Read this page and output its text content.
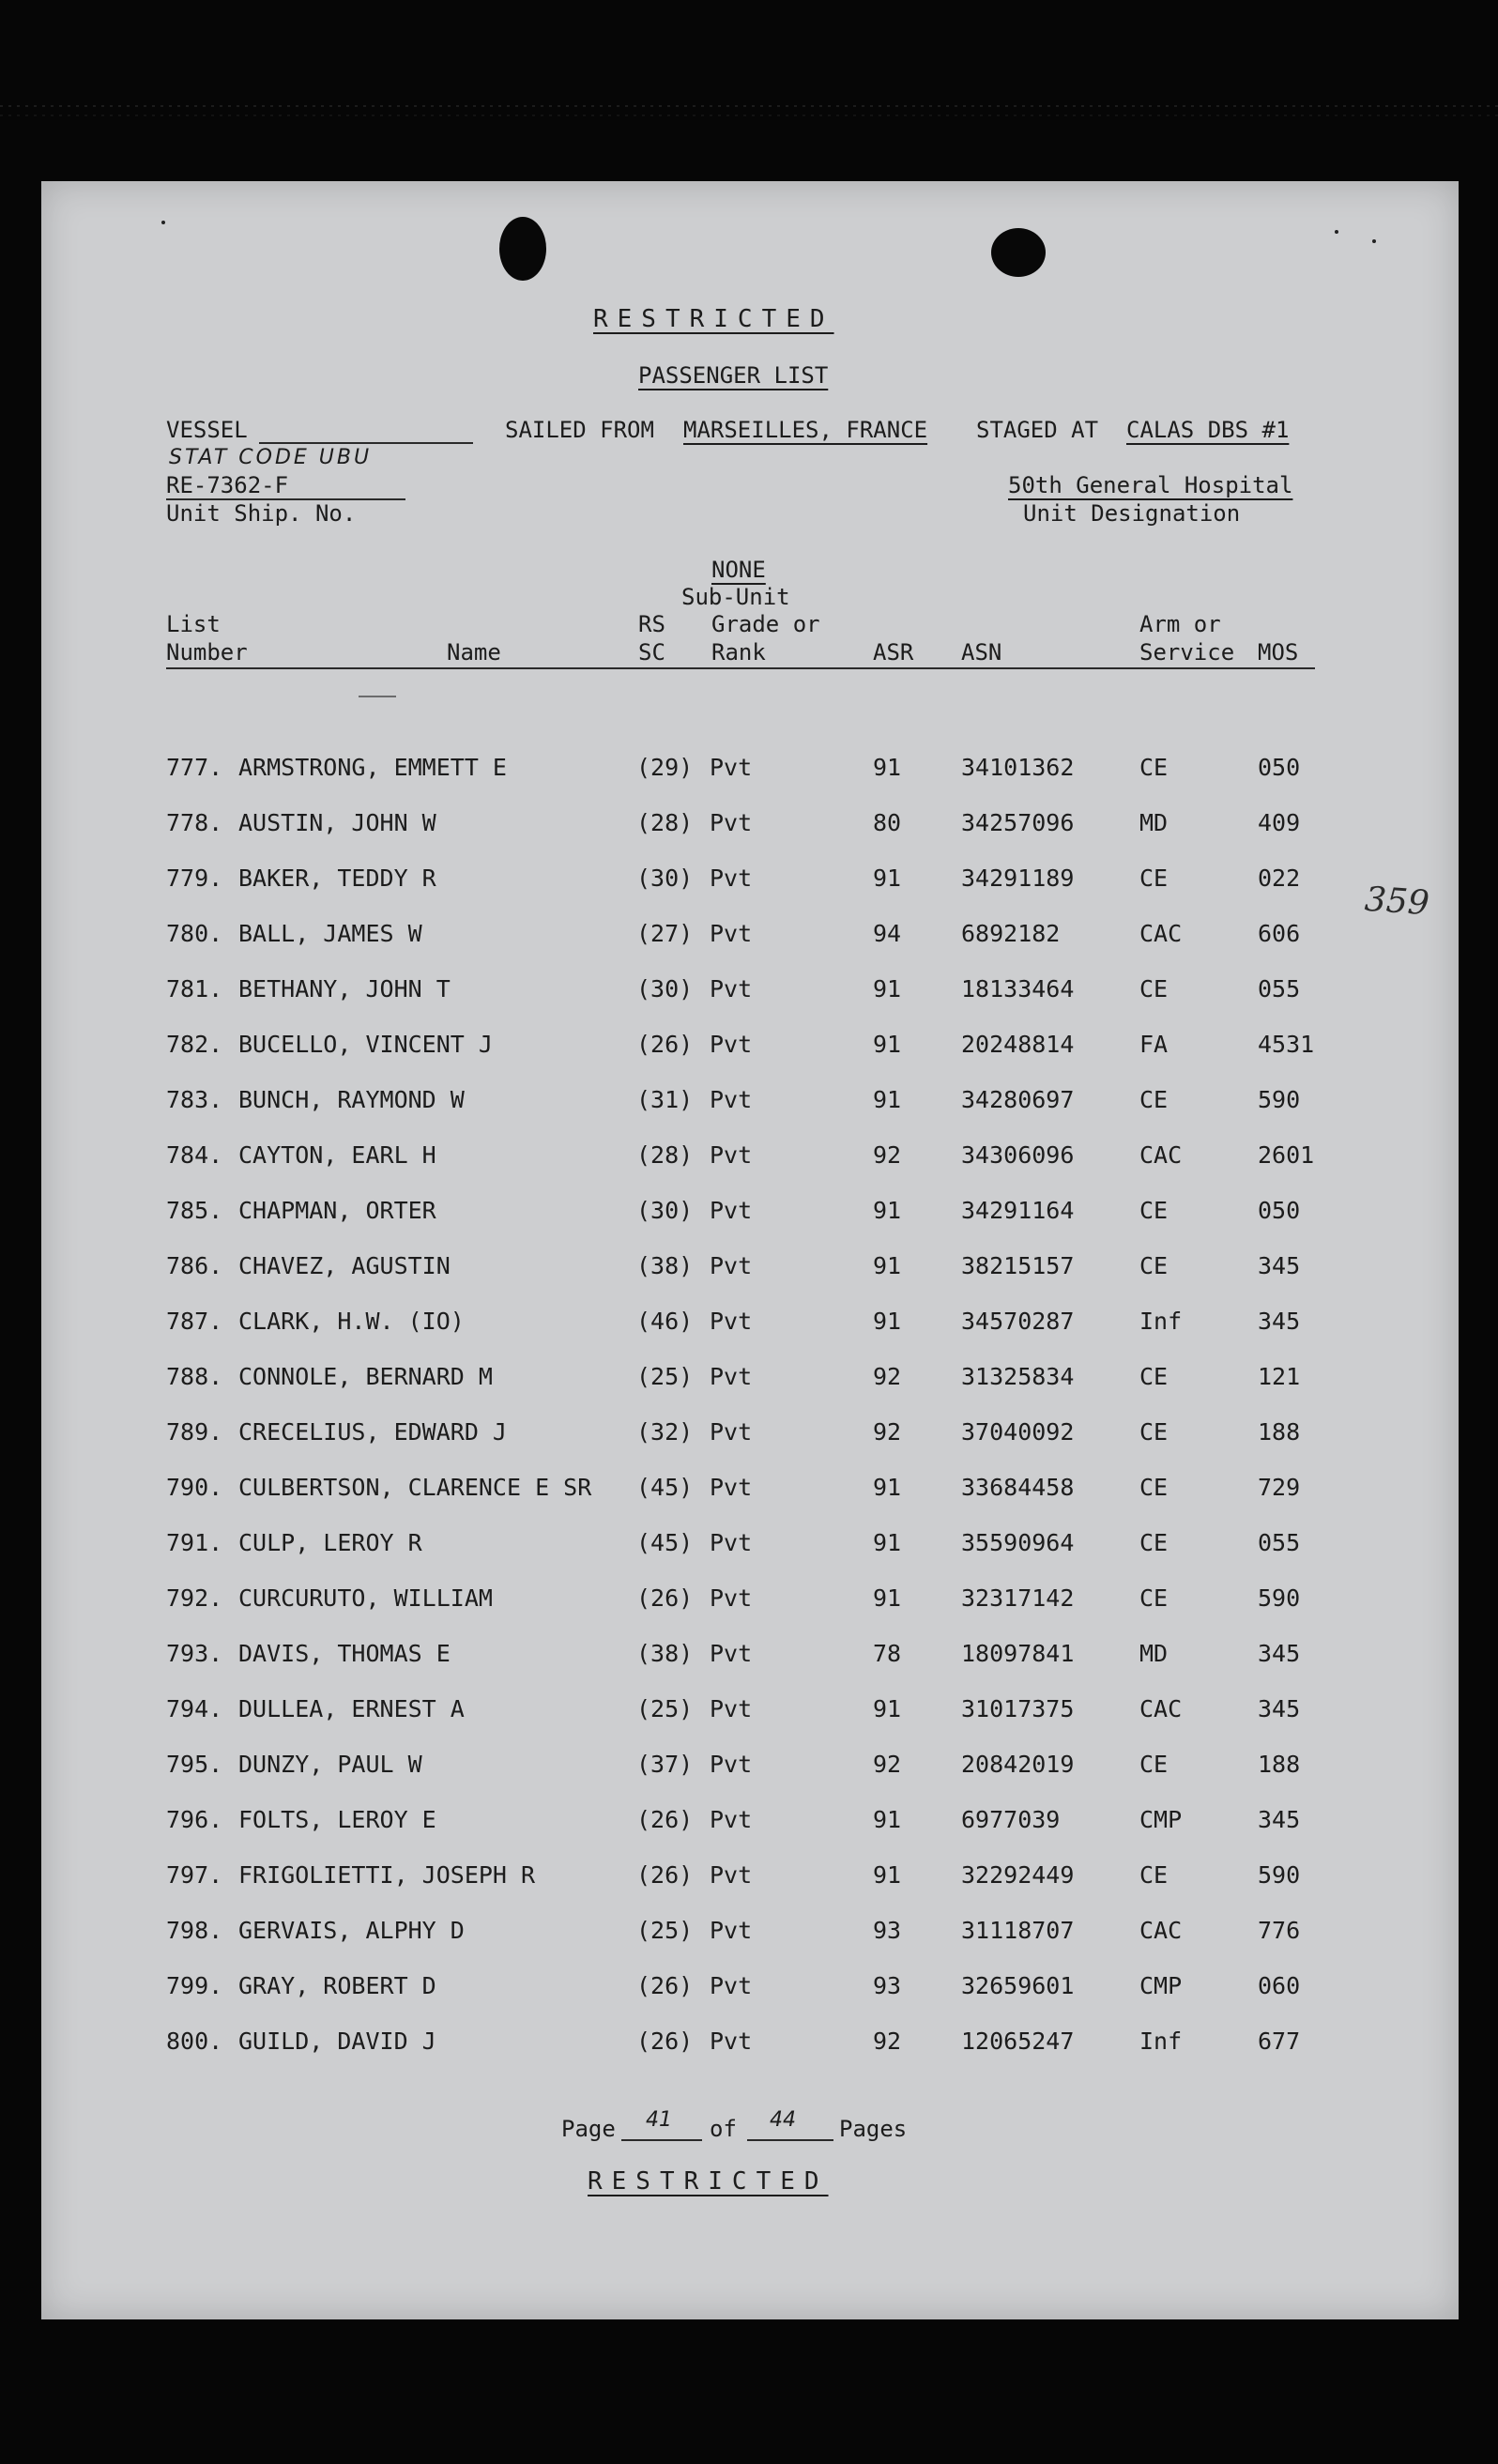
RESTRICTED
PASSENGER LIST
VESSEL	SAILED FROM MARSEILLES, FRANCE STAGED AT CALAS DBS #1
STAT CODE UBU
RE-7362-F
Unit Ship. No.
50th General Hospital
Unit Designation
NONE
Sub-Unit
List
Number	Name
RS
SC
Grade or
Rank	ASR ASN
Arm or
Service MOS
777. ARMSTRONG, EMMETT E	(29) Pvt	91	34101362	CE	050
778. AUSTIN, JOHN W	(28) Pvt	80	34257096	MD	409
779. BAKER, TEDDY R	(30) Pvt	91	34291189	CE	022
780. BALL, JAMES W	(27) Pvt	94	6892182	CAC	606
781. BETHANY, JOHN T	(30) Pvt	91	18133464	CE	055
782. BUCELLO, VINCENT J	(26) Pvt	91	20248814	FA	4531
783. BUNCH, RAYMOND W	(31) Pvt	91	34280697	CE	590
784. CAYTON, EARL H	(28) Pvt	92	34306096	CAC	2601
785. CHAPMAN, ORTER	(30) Pvt	91	34291164	CE	050
786. CHAVEZ, AGUSTIN	(38) Pvt	91	38215157	CE	345
787. CLARK, H.W. (IO)	(46) Pvt	91	34570287	Inf	345
788. CONNOLE, BERNARD M	(25) Pvt	92	31325834	CE	121
789. CRECELIUS, EDWARD J	(32) Pvt	92	37040092	CE	188
790. CULBERTSON, CLARENCE E SR (45) Pvt	91	33684458	CE	729
791. CULP, LEROY R	(45) Pvt	91	35590964	CE	055
792. CURCURUTO, WILLIAM	(26) Pvt	91	32317142	CE	590
793. DAVIS, THOMAS E	(38) Pvt	78	18097841	MD	345
794. DULLEA, ERNEST A	(25) Pvt	91	31017375	CAC	345
795. DUNZY, PAUL W	(37) Pvt	92	20842019	CE	188
796. FOLTS, LEROY E	(26) Pvt	91	6977039	CMP	345
797. FRIGOLIETTI, JOSEPH R	(26) Pvt	91	32292449	CE	590
798. GERVAIS, ALPHY D	(25) Pvt	93	31118707	CAC	776
799. GRAY, ROBERT D	(26) Pvt	93	32659601	CMP	060
800. GUILD, DAVID J	(26) Pvt	92	12065247	Inf	677
Page 41 of 44 Pages
RESTRICTED
359
